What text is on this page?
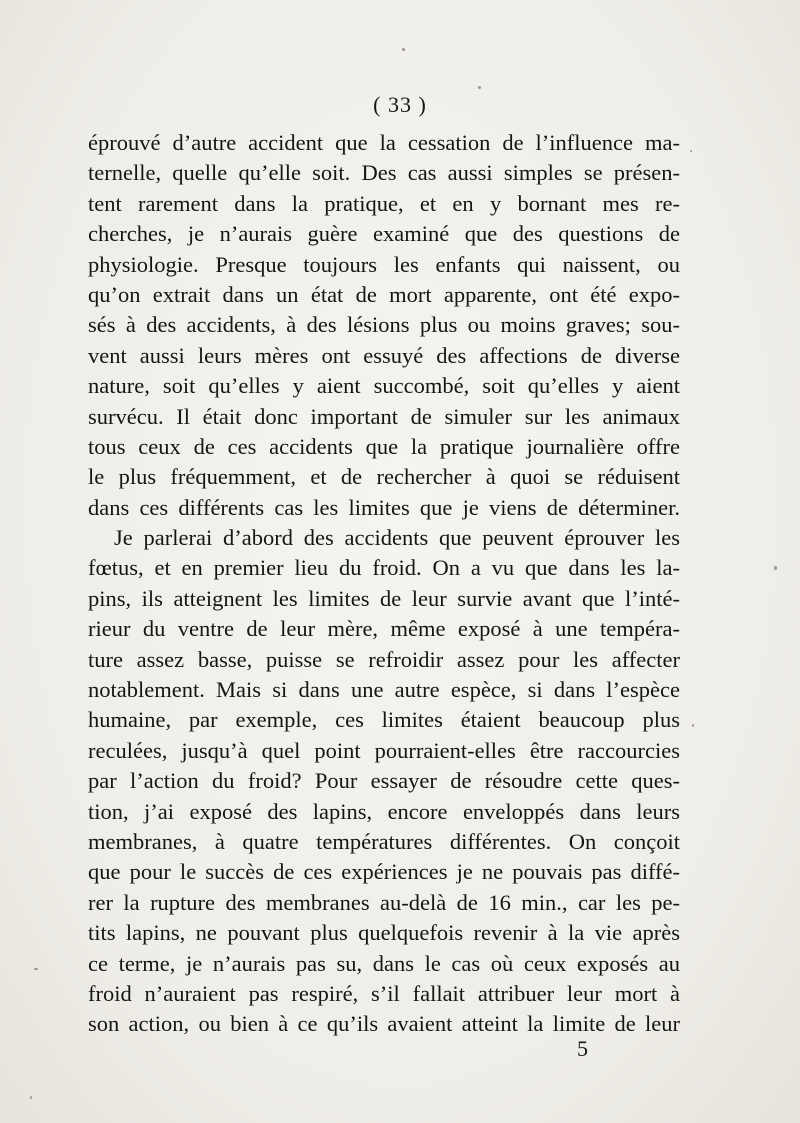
( 33 )
éprouvé d’autre accident que la cessation de l’influence ma-
ternelle, quelle qu’elle soit. Des cas aussi simples se présen-
tent rarement dans la pratique, et en y bornant mes re-
cherches, je n’aurais guère examiné que des questions de
physiologie. Presque toujours les enfants qui naissent, ou
qu’on extrait dans un état de mort apparente, ont été expo-
sés à des accidents, à des lésions plus ou moins graves; sou-
vent aussi leurs mères ont essuyé des affections de diverse
nature, soit qu’elles y aient succombé, soit qu’elles y aient
survécu. Il était donc important de simuler sur les animaux
tous ceux de ces accidents que la pratique journalière offre
le plus fréquemment, et de rechercher à quoi se réduisent
dans ces différents cas les limites que je viens de déterminer.
Je parlerai d’abord des accidents que peuvent éprouver les
fœtus, et en premier lieu du froid. On a vu que dans les la-
pins, ils atteignent les limites de leur survie avant que l’inté-
rieur du ventre de leur mère, même exposé à une tempéra-
ture assez basse, puisse se refroidir assez pour les affecter
notablement. Mais si dans une autre espèce, si dans l’espèce
humaine, par exemple, ces limites étaient beaucoup plus
reculées, jusqu’à quel point pourraient-elles être raccourcies
par l’action du froid? Pour essayer de résoudre cette ques-
tion, j’ai exposé des lapins, encore enveloppés dans leurs
membranes, à quatre températures différentes. On conçoit
que pour le succès de ces expériences je ne pouvais pas diffé-
rer la rupture des membranes au-delà de 16 min., car les pe-
tits lapins, ne pouvant plus quelquefois revenir à la vie après
ce terme, je n’aurais pas su, dans le cas où ceux exposés au
froid n’auraient pas respiré, s’il fallait attribuer leur mort à
son action, ou bien à ce qu’ils avaient atteint la limite de leur
5
